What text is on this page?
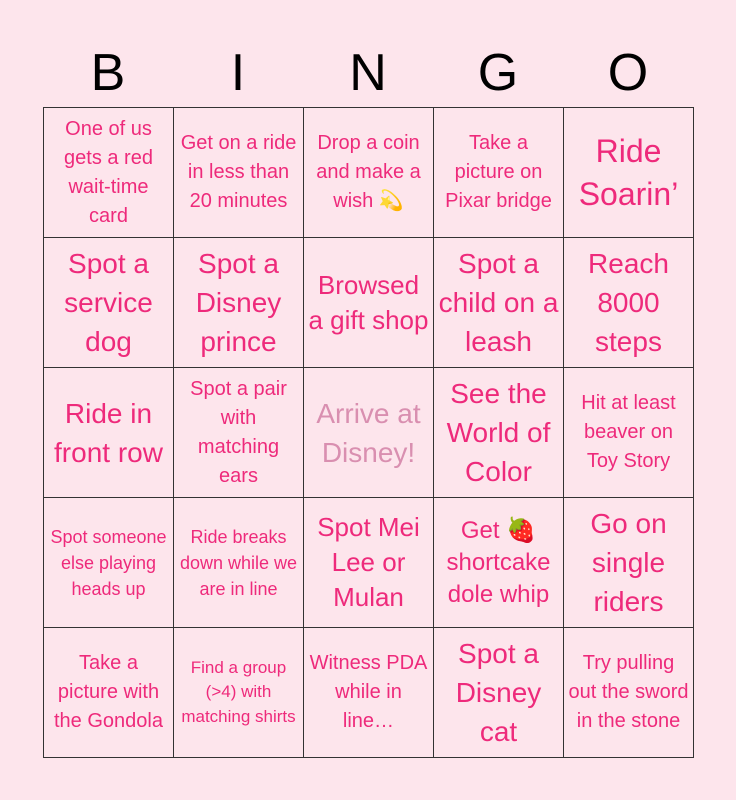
B	I	N	G	O
One of us gets a red wait-time card
Get on a ride in less than 20 minutes
Drop a coin and make a wish 💫
Take a picture on Pixar bridge
Ride Soarin’
Spot a service dog
Spot a Disney prince
Browsed a gift shop
Spot a child on a leash
Reach 8000 steps
Ride in front row
Spot a pair with matching ears
Arrive at Disney!
See the World of Color
Hit at least beaver on Toy Story
Spot someone else playing heads up
Ride breaks down while we are in line
Spot Mei Lee or Mulan
Get 🍓 shortcake dole whip
Go on single riders
Take a picture with the Gondola
Find a group (>4) with matching shirts
Witness PDA while in line…
Spot a Disney cat
Try pulling out the sword in the stone
